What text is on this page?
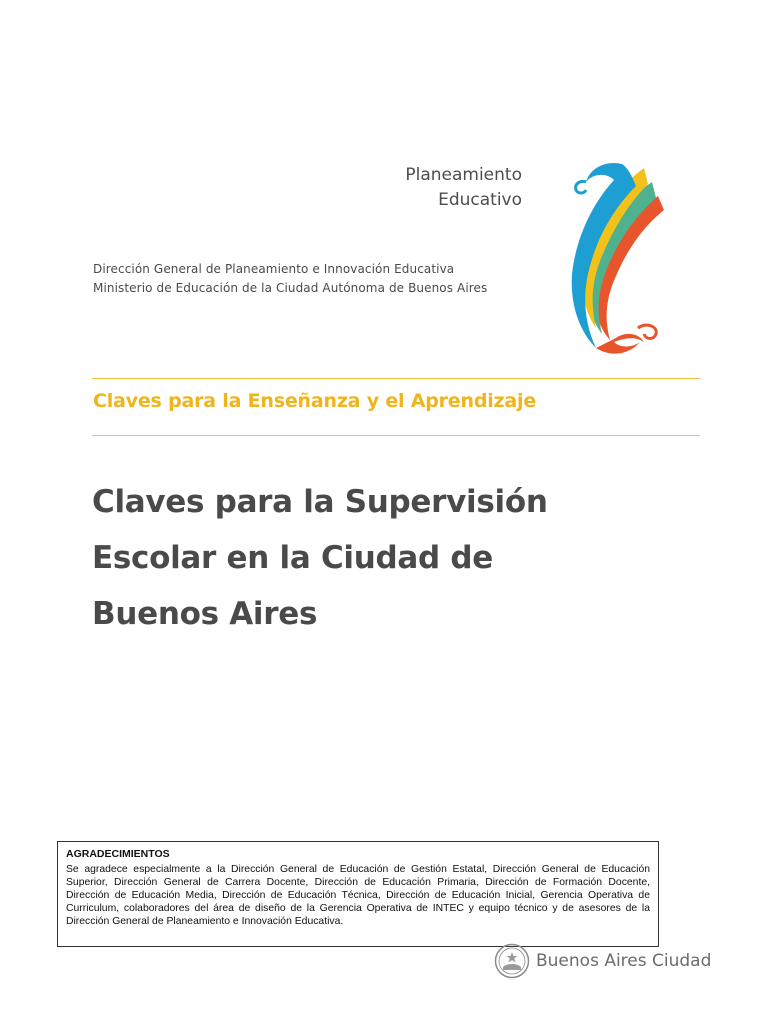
Planeamiento
Educativo
Dirección General de Planeamiento e Innovación Educativa
Ministerio de Educación de la Ciudad Autónoma de Buenos Aires
Claves para la Enseñanza y el Aprendizaje
Claves para la Supervisión
Escolar en la Ciudad de
Buenos Aires
AGRADECIMIENTOS
Se agradece especialmente a la Dirección General de Educación de Gestión Estatal, Dirección General de Educación Superior, Dirección General de Carrera Docente, Dirección de Educación Primaria, Dirección de Formación Docente, Dirección de Educación Media, Dirección de Educación Técnica, Dirección de Educación Inicial, Gerencia Operativa de Curriculum, colaboradores del área de diseño de la Gerencia Operativa de INTEC y equipo técnico y de asesores de la Dirección General de Planeamiento e Innovación Educativa.
Buenos Aires Ciudad
